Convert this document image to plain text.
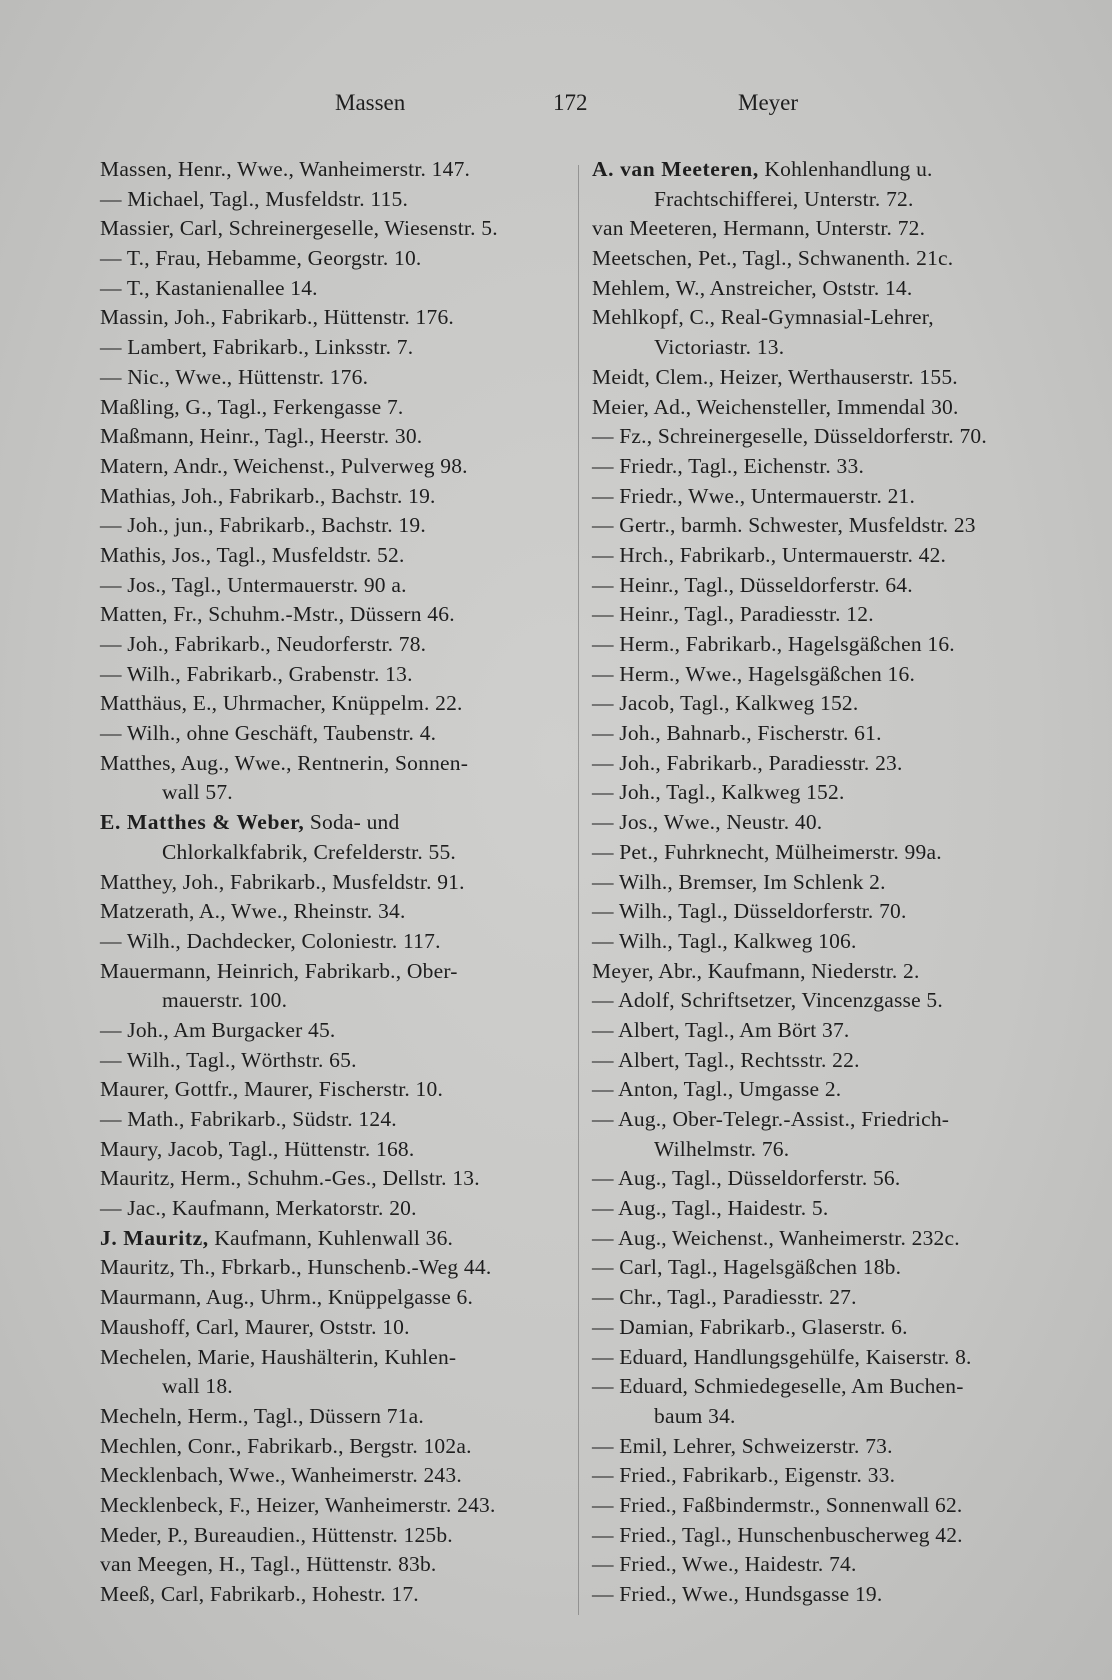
Massen	172	Meyer
Massen, Henr., Wwe., Wanheimerstr. 147.
— Michael, Tagl., Musfeldstr. 115.
Massier, Carl, Schreinergeselle, Wiesenstr. 5.
— T., Frau, Hebamme, Georgstr. 10.
— T., Kastanienallee 14.
Massin, Joh., Fabrikarb., Hüttenstr. 176.
— Lambert, Fabrikarb., Linksstr. 7.
— Nic., Wwe., Hüttenstr. 176.
Maßling, G., Tagl., Ferkengasse 7.
Maßmann, Heinr., Tagl., Heerstr. 30.
Matern, Andr., Weichenst., Pulverweg 98.
Mathias, Joh., Fabrikarb., Bachstr. 19.
— Joh., jun., Fabrikarb., Bachstr. 19.
Mathis, Jos., Tagl., Musfeldstr. 52.
— Jos., Tagl., Untermauerstr. 90 a.
Matten, Fr., Schuhm.-Mstr., Düssern 46.
— Joh., Fabrikarb., Neudorferstr. 78.
— Wilh., Fabrikarb., Grabenstr. 13.
Matthäus, E., Uhrmacher, Knüppelm. 22.
— Wilh., ohne Geschäft, Taubenstr. 4.
Matthes, Aug., Wwe., Rentnerin, Sonnen-
wall 57.
E. Matthes & Weber, Soda- und
Chlorkalkfabrik, Crefelderstr. 55.
Matthey, Joh., Fabrikarb., Musfeldstr. 91.
Matzerath, A., Wwe., Rheinstr. 34.
— Wilh., Dachdecker, Coloniestr. 117.
Mauermann, Heinrich, Fabrikarb., Ober-
mauerstr. 100.
— Joh., Am Burgacker 45.
— Wilh., Tagl., Wörthstr. 65.
Maurer, Gottfr., Maurer, Fischerstr. 10.
— Math., Fabrikarb., Südstr. 124.
Maury, Jacob, Tagl., Hüttenstr. 168.
Mauritz, Herm., Schuhm.-Ges., Dellstr. 13.
— Jac., Kaufmann, Merkatorstr. 20.
J. Mauritz, Kaufmann, Kuhlenwall 36.
Mauritz, Th., Fbrkarb., Hunschenb.-Weg 44.
Maurmann, Aug., Uhrm., Knüppelgasse 6.
Maushoff, Carl, Maurer, Oststr. 10.
Mechelen, Marie, Haushälterin, Kuhlen-
wall 18.
Mecheln, Herm., Tagl., Düssern 71a.
Mechlen, Conr., Fabrikarb., Bergstr. 102a.
Mecklenbach, Wwe., Wanheimerstr. 243.
Mecklenbeck, F., Heizer, Wanheimerstr. 243.
Meder, P., Bureaudien., Hüttenstr. 125b.
van Meegen, H., Tagl., Hüttenstr. 83b.
Meeß, Carl, Fabrikarb., Hohestr. 17.
A. van Meeteren, Kohlenhandlung u.
Frachtschifferei, Unterstr. 72.
van Meeteren, Hermann, Unterstr. 72.
Meetschen, Pet., Tagl., Schwanenth. 21c.
Mehlem, W., Anstreicher, Oststr. 14.
Mehlkopf, C., Real-Gymnasial-Lehrer,
Victoriastr. 13.
Meidt, Clem., Heizer, Werthauserstr. 155.
Meier, Ad., Weichensteller, Immendal 30.
— Fz., Schreinergeselle, Düsseldorferstr. 70.
— Friedr., Tagl., Eichenstr. 33.
— Friedr., Wwe., Untermauerstr. 21.
— Gertr., barmh. Schwester, Musfeldstr. 23
— Hrch., Fabrikarb., Untermauerstr. 42.
— Heinr., Tagl., Düsseldorferstr. 64.
— Heinr., Tagl., Paradiesstr. 12.
— Herm., Fabrikarb., Hagelsgäßchen 16.
— Herm., Wwe., Hagelsgäßchen 16.
— Jacob, Tagl., Kalkweg 152.
— Joh., Bahnarb., Fischerstr. 61.
— Joh., Fabrikarb., Paradiesstr. 23.
— Joh., Tagl., Kalkweg 152.
— Jos., Wwe., Neustr. 40.
— Pet., Fuhrknecht, Mülheimerstr. 99a.
— Wilh., Bremser, Im Schlenk 2.
— Wilh., Tagl., Düsseldorferstr. 70.
— Wilh., Tagl., Kalkweg 106.
Meyer, Abr., Kaufmann, Niederstr. 2.
— Adolf, Schriftsetzer, Vincenzgasse 5.
— Albert, Tagl., Am Bört 37.
— Albert, Tagl., Rechtsstr. 22.
— Anton, Tagl., Umgasse 2.
— Aug., Ober-Telegr.-Assist., Friedrich-
Wilhelmstr. 76.
— Aug., Tagl., Düsseldorferstr. 56.
— Aug., Tagl., Haidestr. 5.
— Aug., Weichenst., Wanheimerstr. 232c.
— Carl, Tagl., Hagelsgäßchen 18b.
— Chr., Tagl., Paradiesstr. 27.
— Damian, Fabrikarb., Glaserstr. 6.
— Eduard, Handlungsgehülfe, Kaiserstr. 8.
— Eduard, Schmiedegeselle, Am Buchen-
baum 34.
— Emil, Lehrer, Schweizerstr. 73.
— Fried., Fabrikarb., Eigenstr. 33.
— Fried., Faßbindermstr., Sonnenwall 62.
— Fried., Tagl., Hunschenbuscherweg 42.
— Fried., Wwe., Haidestr. 74.
— Fried., Wwe., Hundsgasse 19.
